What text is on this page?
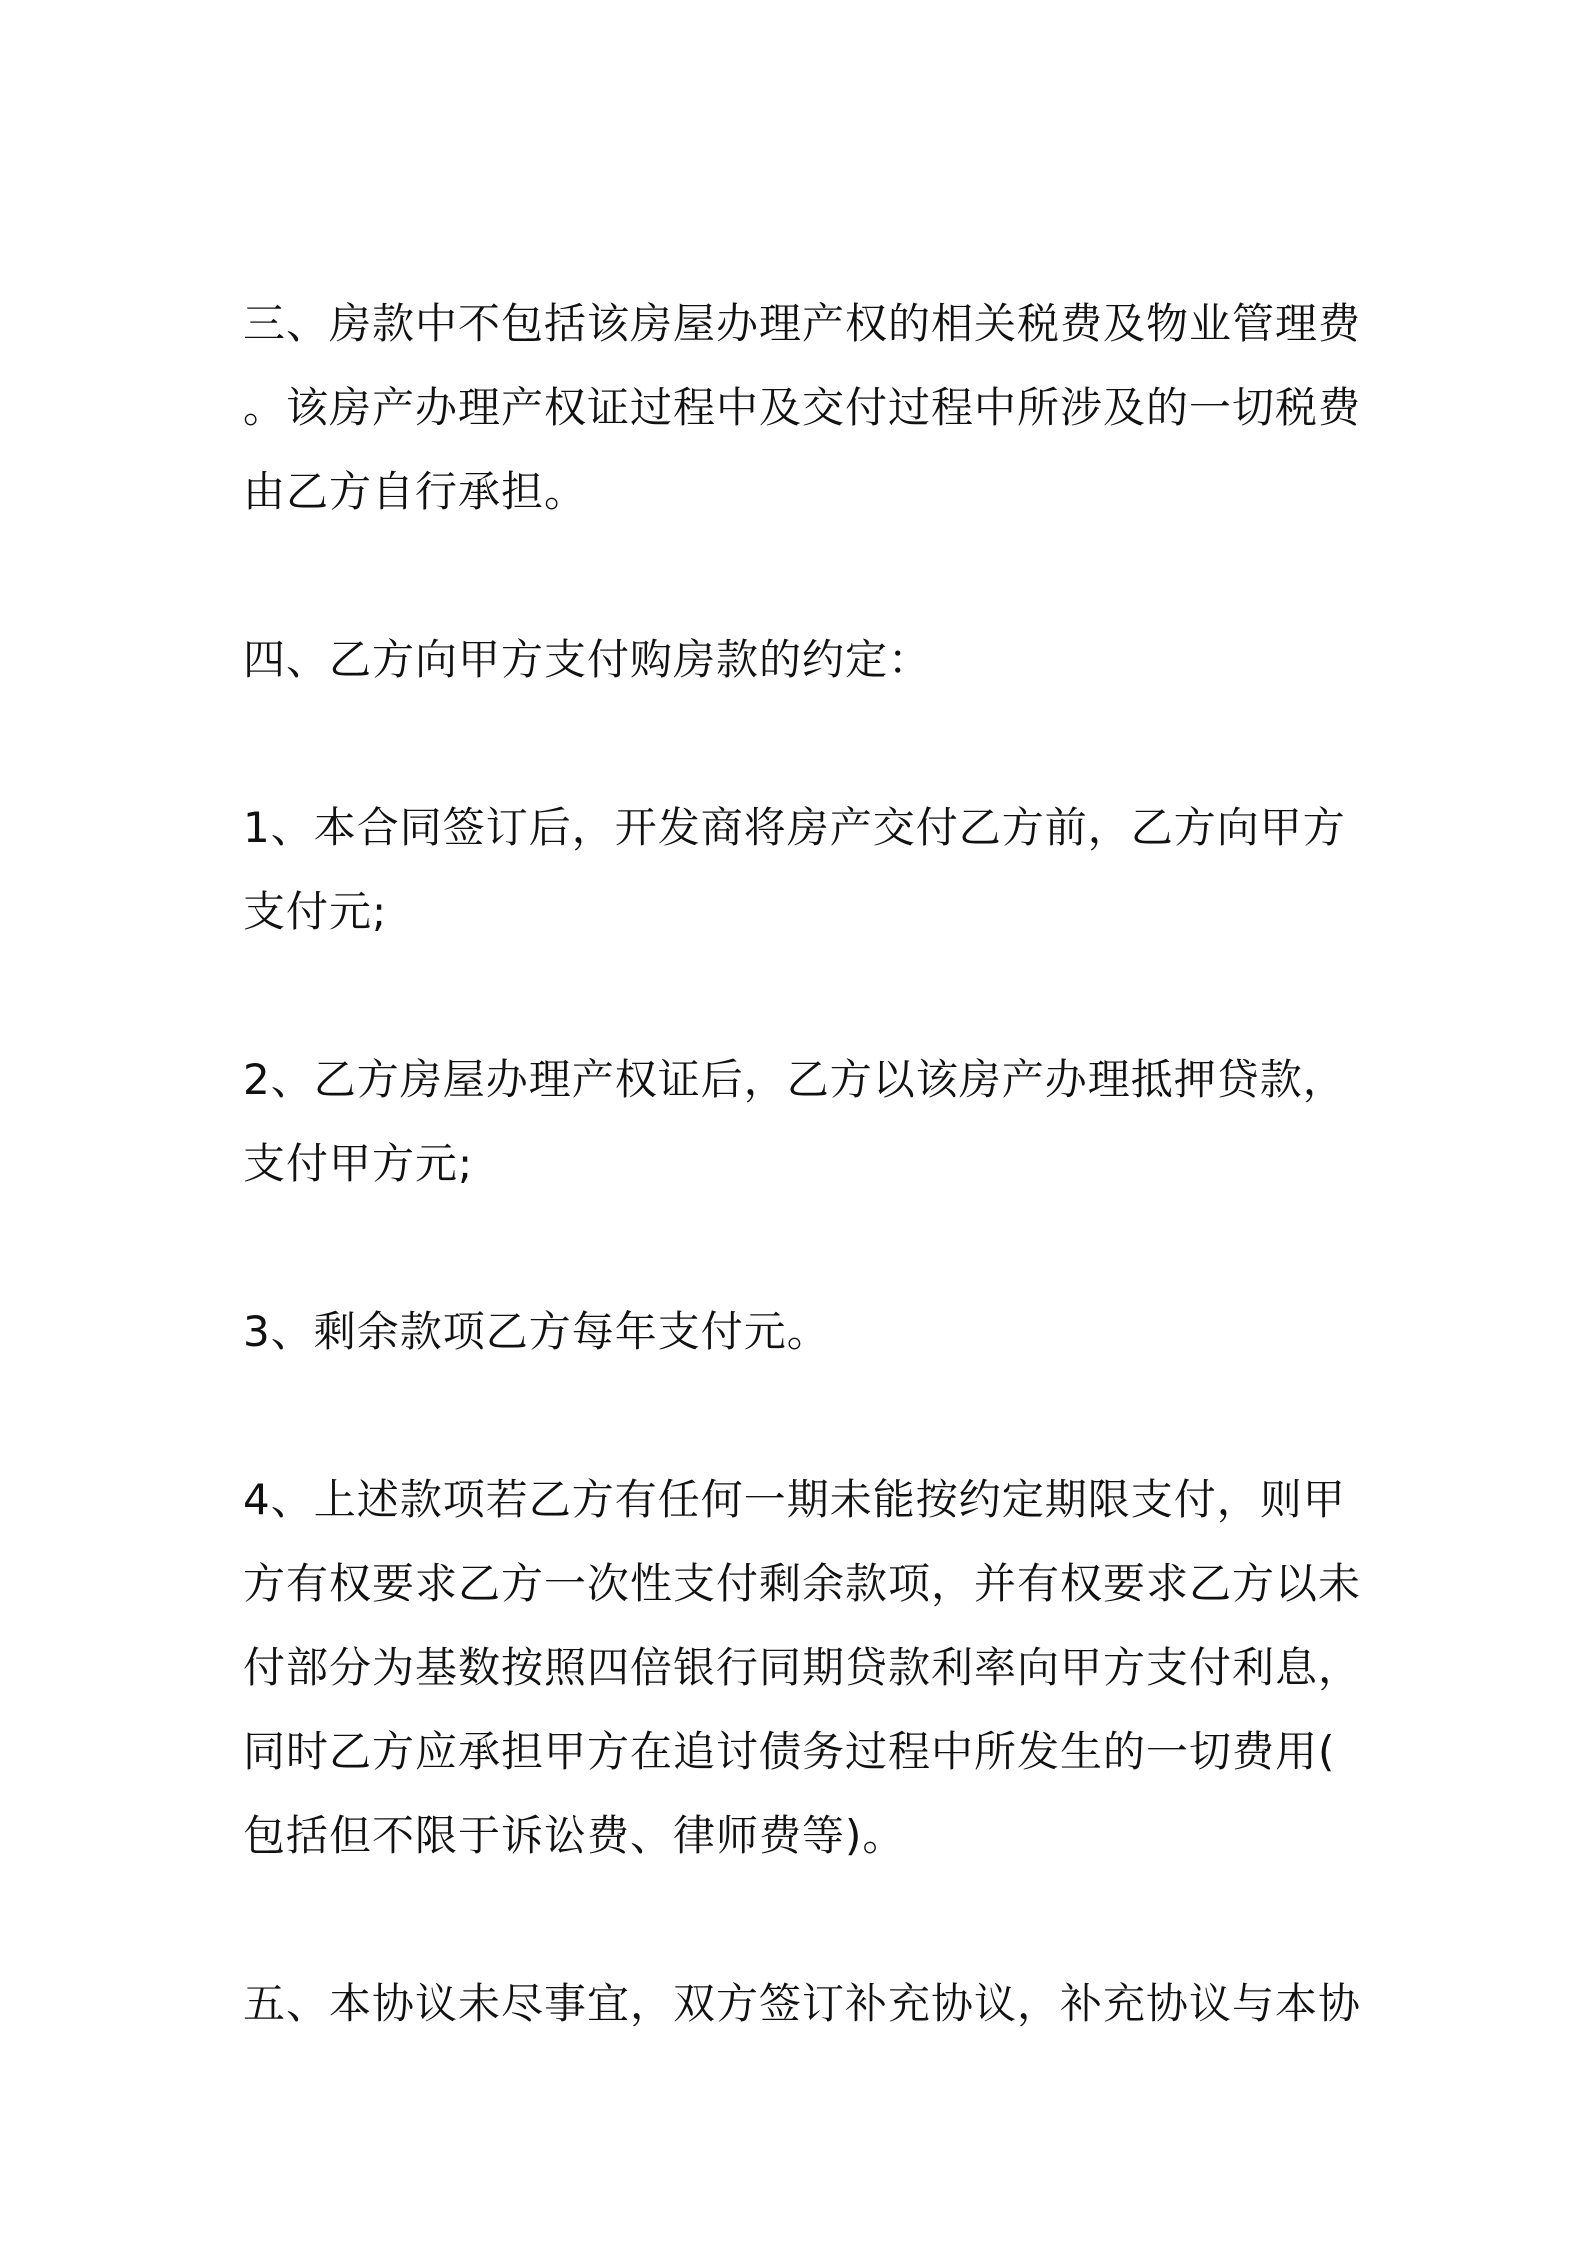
三、房款中不包括该房屋办理产权的相关税费及物业管理费
。该房产办理产权证过程中及交付过程中所涉及的一切税费
由乙方自行承担。

四、乙方向甲方支付购房款的约定：

1、本合同签订后，开发商将房产交付乙方前，乙方向甲方
支付元;

2、乙方房屋办理产权证后，乙方以该房产办理抵押贷款，
支付甲方元;

3、剩余款项乙方每年支付元。

4、上述款项若乙方有任何一期未能按约定期限支付，则甲
方有权要求乙方一次性支付剩余款项，并有权要求乙方以未
付部分为基数按照四倍银行同期贷款利率向甲方支付利息，
同时乙方应承担甲方在追讨债务过程中所发生的一切费用(
包括但不限于诉讼费、律师费等)。

五、本协议未尽事宜，双方签订补充协议，补充协议与本协
